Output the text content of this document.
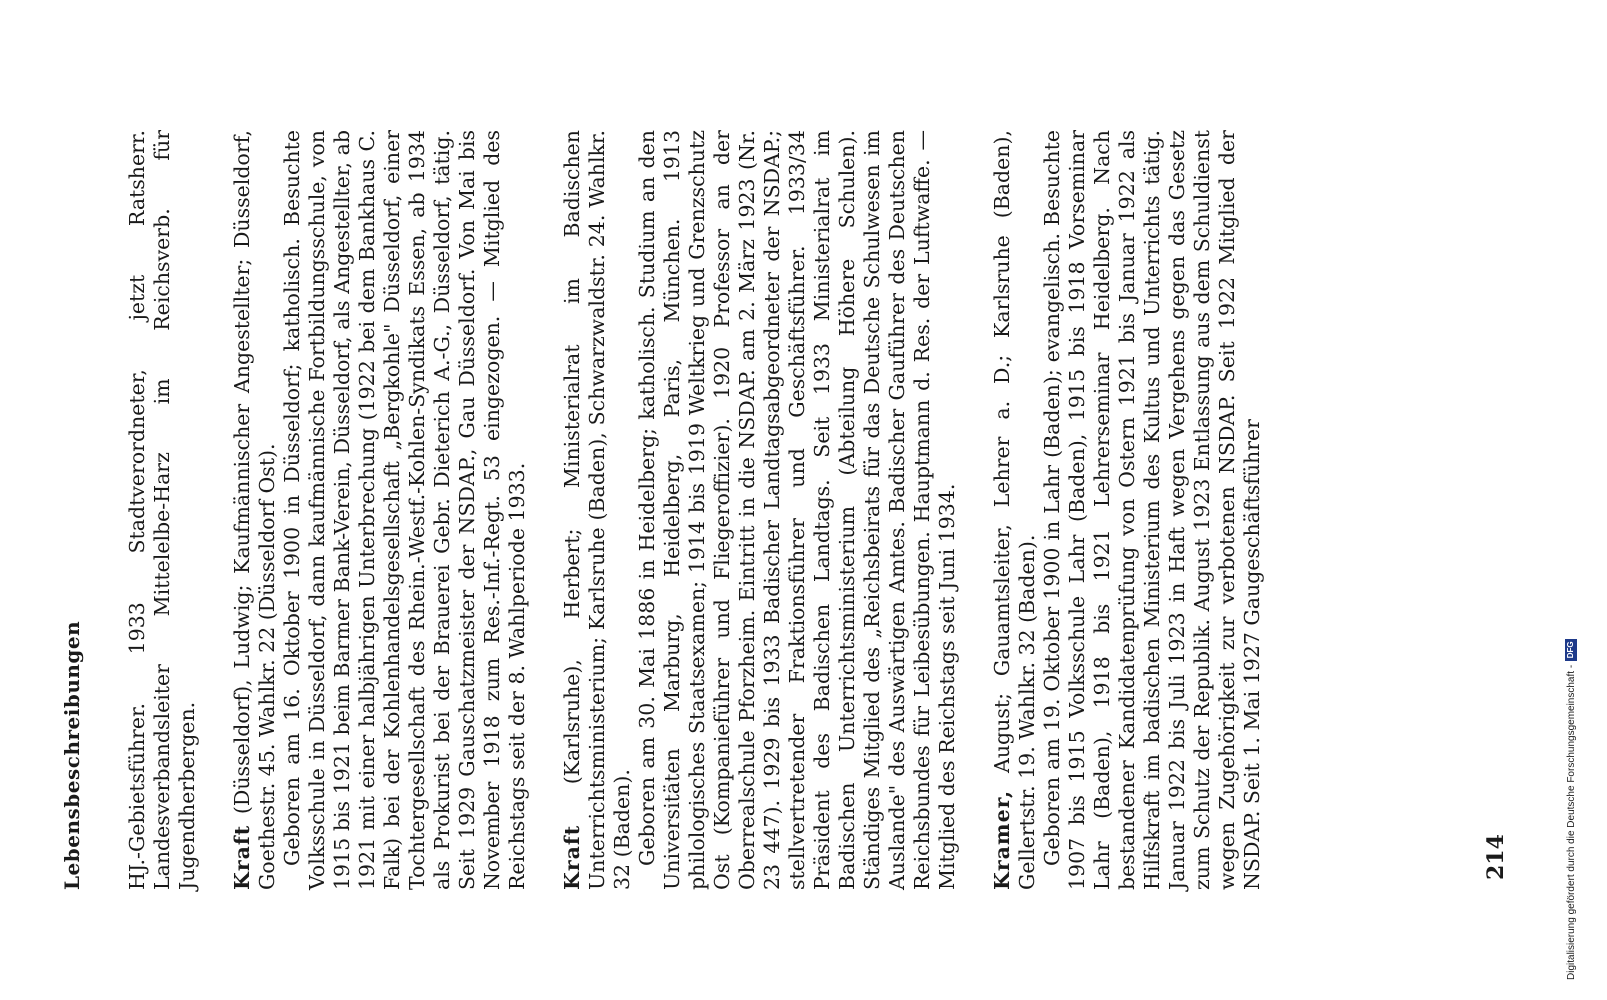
Lebensbeschreibungen HJ.-Gebietsführer. 1933 Stadtverordneter, jetzt Ratsherr. Landesverbandsleiter Mittelelbe-Harz im Reichsverb. für Jugendherbergen. Kraft (Düsseldorf), Ludwig; Kaufmännischer Angestellter; Düsseldorf, Goethestr. 45. Wahlkr. 22 (Düsseldorf Ost). Geboren am 16. Oktober 1900 in Düsseldorf; katholisch. Besuchte Volksschule in Düsseldorf, dann kaufmännische Fortbildungsschule, von 1915 bis 1921 beim Barmer Bank-Verein, Düsseldorf, als Angestellter, ab 1921 mit einer halbjährigen Unterbrechung (1922 bei dem Bankhaus C. Falk) bei der Kohlenhandelsgesellschaft „Bergkohle" Düsseldorf, einer Tochtergesellschaft des Rhein.-Westf.-Kohlen-Syndikats Essen, ab 1934 als Prokurist bei der Brauerei Gebr. Dieterich A.-G., Düsseldorf, tätig. Seit 1929 Gauschatzmeister der NSDAP., Gau Düsseldorf. Von Mai bis November 1918 zum Res.-Inf.-Regt. 53 eingezogen. — Mitglied des Reichstags seit der 8. Wahlperiode 1933. Kraft (Karlsruhe), Herbert; Ministerialrat im Badischen Unterrichtsministerium; Karlsruhe (Baden), Schwarzwaldstr. 24. Wahlkr. 32 (Baden). Geboren am 30. Mai 1886 in Heidelberg; katholisch. Studium an den Universitäten Marburg, Heidelberg, Paris, München. 1913 philologisches Staatsexamen; 1914 bis 1919 Weltkrieg und Grenzschutz Ost (Kompanieführer und Fliegeroffizier). 1920 Professor an der Oberrealschule Pforzheim. Eintritt in die NSDAP. am 2. März 1923 (Nr. 23 447). 1929 bis 1933 Badischer Landtagsabgeordneter der NSDAP.; stellvertretender Fraktionsführer und Geschäftsführer. 1933/34 Präsident des Badischen Landtags. Seit 1933 Ministerialrat im Badischen Unterrichtsministerium (Abteilung Höhere Schulen). Ständiges Mitglied des „Reichsbeirats für das Deutsche Schulwesen im Auslande" des Auswärtigen Amtes. Badischer Gauführer des Deutschen Reichsbundes für Leibesübungen. Hauptmann d. Res. der Luftwaffe. — Mitglied des Reichstags seit Juni 1934. Kramer, August; Gauamtsleiter, Lehrer a. D.; Karlsruhe (Baden), Gellertstr. 19. Wahlkr. 32 (Baden). Geboren am 19. Oktober 1900 in Lahr (Baden); evangelisch. Besuchte 1907 bis 1915 Volksschule Lahr (Baden), 1915 bis 1918 Vorseminar Lahr (Baden), 1918 bis 1921 Lehrerseminar Heidelberg. Nach bestandener Kandidatenprüfung von Ostern 1921 bis Januar 1922 als Hilfskraft im badischen Ministerium des Kultus und Unterrichts tätig. Januar 1922 bis Juli 1923 in Haft wegen Vergehens gegen das Gesetz zum Schutz der Republik. August 1923 Entlassung aus dem Schuldienst wegen Zugehörigkeit zur verbotenen NSDAP. Seit 1922 Mitglied der NSDAP. Seit 1. Mai 1927 Gaugeschäftsführer	214	Digitalisierung gefördert durch die Deutsche Forschungsgemeinschaft -
DFG
